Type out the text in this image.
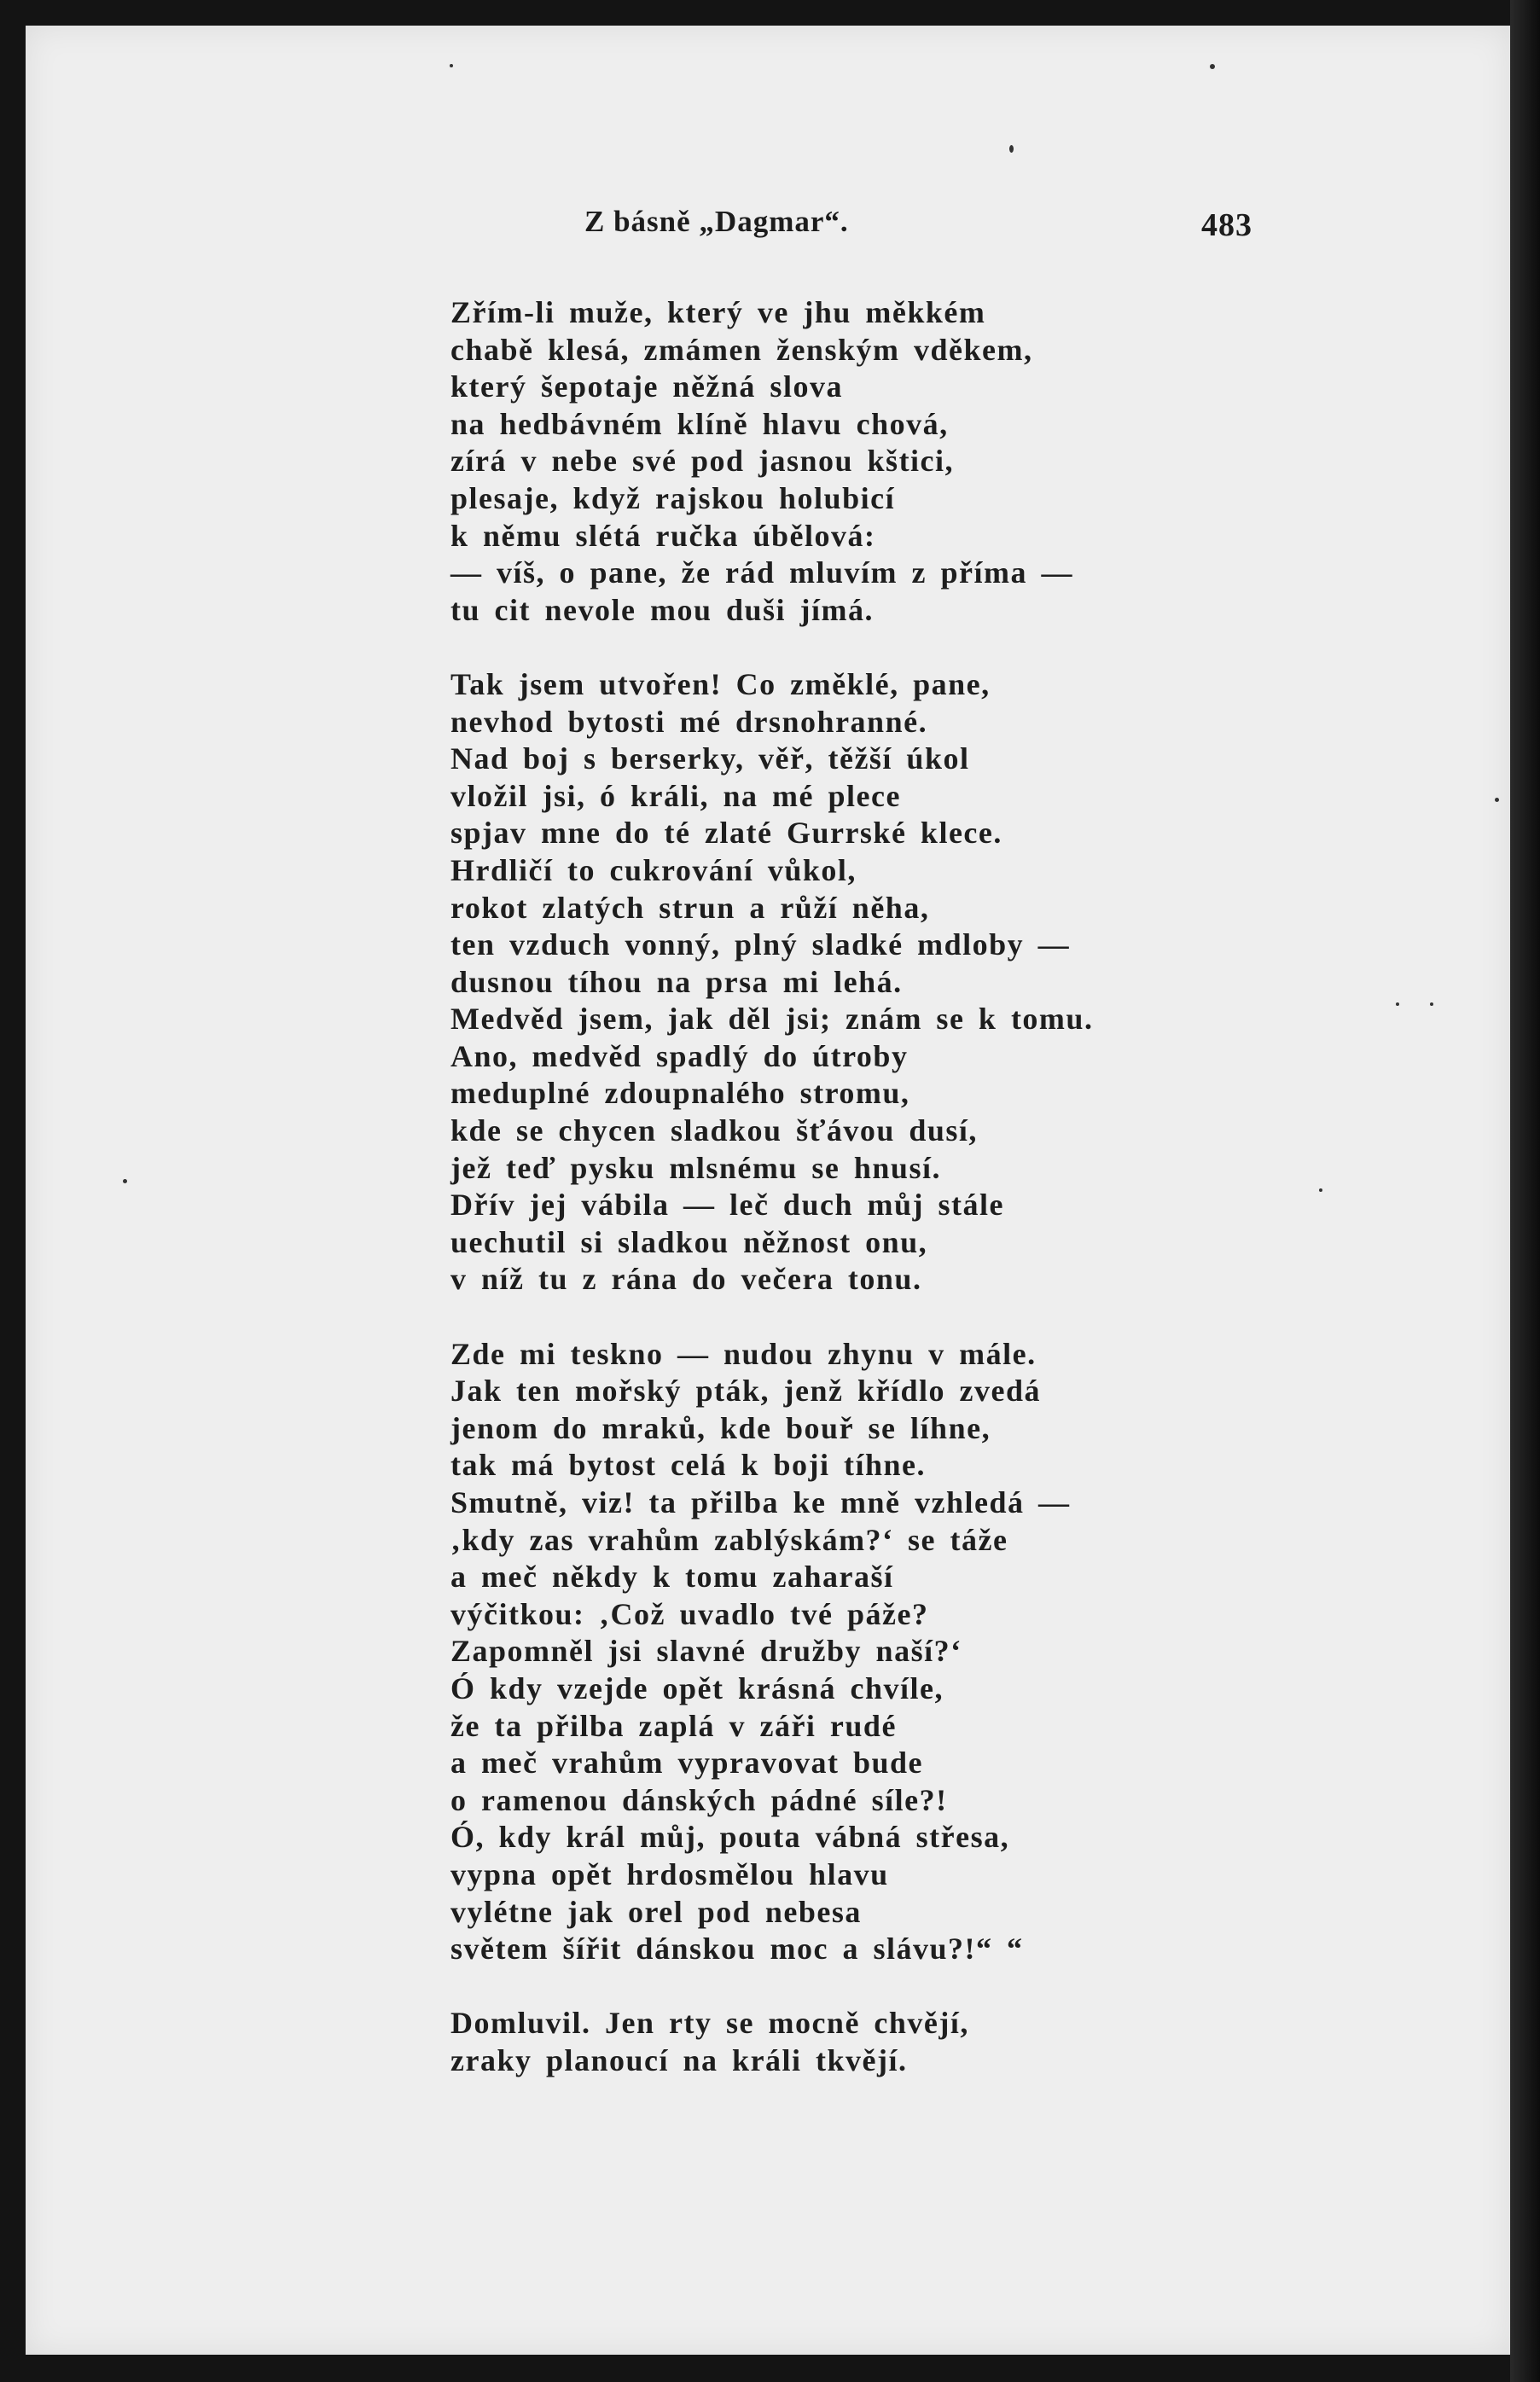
Z básně „Dagmar“.	483
Zřím-li muže, který ve jhu měkkém
chabě klesá, zmámen ženským vděkem,
který šepotaje něžná slova
na hedbávném klíně hlavu chová,
zírá v nebe své pod jasnou kštici,
plesaje, když rajskou holubicí
k němu slétá ručka úbělová:
— víš, o pane, že rád mluvím z přímа —
tu cit nevole mou duši jímá.
Tak jsem utvořen! Co změklé, pane,
nevhod bytosti mé drsnohranné.
Nad boj s berserky, věř, těžší úkol
vložil jsi, ó králi, na mé plece
spjav mne do té zlaté Gurrské klece.
Hrdličí to cukrování vůkol,
rokot zlatých strun a růží něha,
ten vzduch vonný, plný sladké mdloby —
dusnou tíhou na prsa mi lehá.
Medvěd jsem, jak děl jsi; znám se k tomu.
Ano, medvěd spadlý do útroby
meduplné zdoupnalého stromu,
kde se chycen sladkou šťávou dusí,
jež teď pysku mlsnému se hnusí.
Dřív jej vábila — leč duch můj stále
uechutil si sladkou něžnost onu,
v níž tu z rána do večera tonu.
Zde mi teskno — nudou zhynu v mále.
Jak ten mořský pták, jenž křídlo zvedá
jenom do mraků, kde bouř se líhne,
tak má bytost celá k boji tíhne.
Smutně, viz! ta přilba ke mně vzhledá —
‚kdy zas vrahům zablýskám?‘ se táže
a meč někdy k tomu zaharaší
výčitkou: ‚Což uvadlo tvé páže?
Zapomněl jsi slavné družby naší?‘
Ó kdy vzejde opět krásná chvíle,
že ta přilba zaplá v záři rudé
a meč vrahům vypravovat bude
o ramenou dánských pádné síle?!
Ó, kdy král můj, pouta vábná střesa,
vypna opět hrdosmělou hlavu
vylétne jak orel pod nebesa
světem šířit dánskou moc a slávu?!“ “
Domluvil. Jen rty se mocně chvějí,
zraky planoucí na králi tkvějí.
